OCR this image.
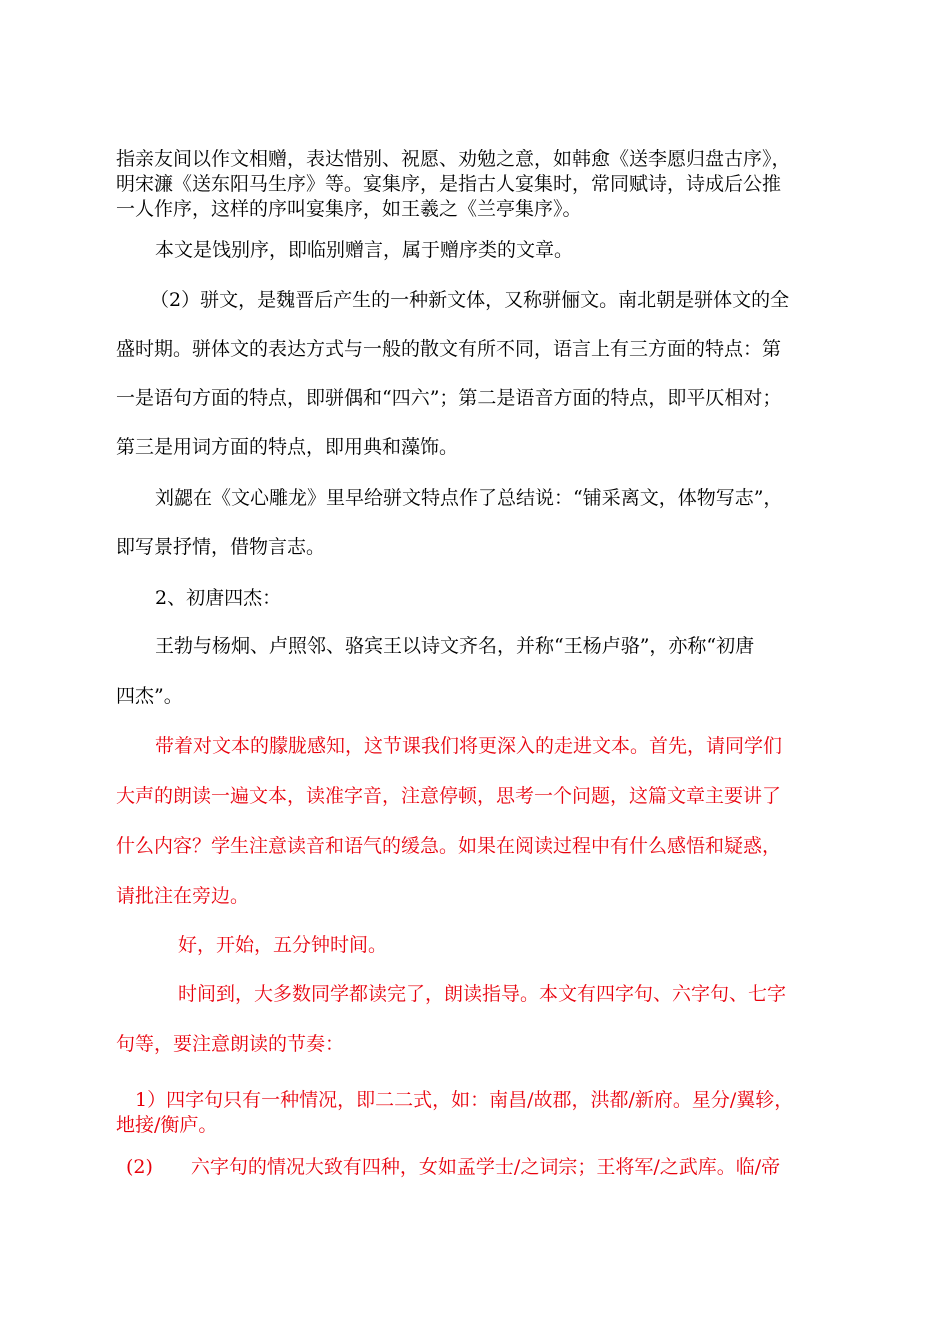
指亲友间以作文相赠，表达惜别、祝愿、劝勉之意，如韩愈《送李愿归盘古序》，
明宋濂《送东阳马生序》等。宴集序，是指古人宴集时，常同赋诗，诗成后公推
一人作序，这样的序叫宴集序，如王羲之《兰亭集序》。
本文是饯别序，即临别赠言，属于赠序类的文章。
（2）骈文，是魏晋后产生的一种新文体，又称骈俪文。南北朝是骈体文的全
盛时期。骈体文的表达方式与一般的散文有所不同，语言上有三方面的特点：第
一是语句方面的特点，即骈偶和“四六”；第二是语音方面的特点，即平仄相对；
第三是用词方面的特点，即用典和藻饰。
刘勰在《文心雕龙》里早给骈文特点作了总结说：“铺采离文，体物写志”，
即写景抒情，借物言志。
2、初唐四杰：
王勃与杨炯、卢照邻、骆宾王以诗文齐名，并称“王杨卢骆”，亦称“初唐
四杰”。
带着对文本的朦胧感知，这节课我们将更深入的走进文本。首先，请同学们
大声的朗读一遍文本，读准字音，注意停顿，思考一个问题，这篇文章主要讲了
什么内容？学生注意读音和语气的缓急。如果在阅读过程中有什么感悟和疑惑，
请批注在旁边。
好，开始，五分钟时间。
时间到，大多数同学都读完了，朗读指导。本文有四字句、六字句、七字
句等，要注意朗读的节奏：
1）四字句只有一种情况，即二二式，如：南昌/故郡，洪都/新府。星分/翼轸，
地接/衡庐。
(2)　　六字句的情况大致有四种，女如孟学士/之词宗；王将军/之武库。临/帝
